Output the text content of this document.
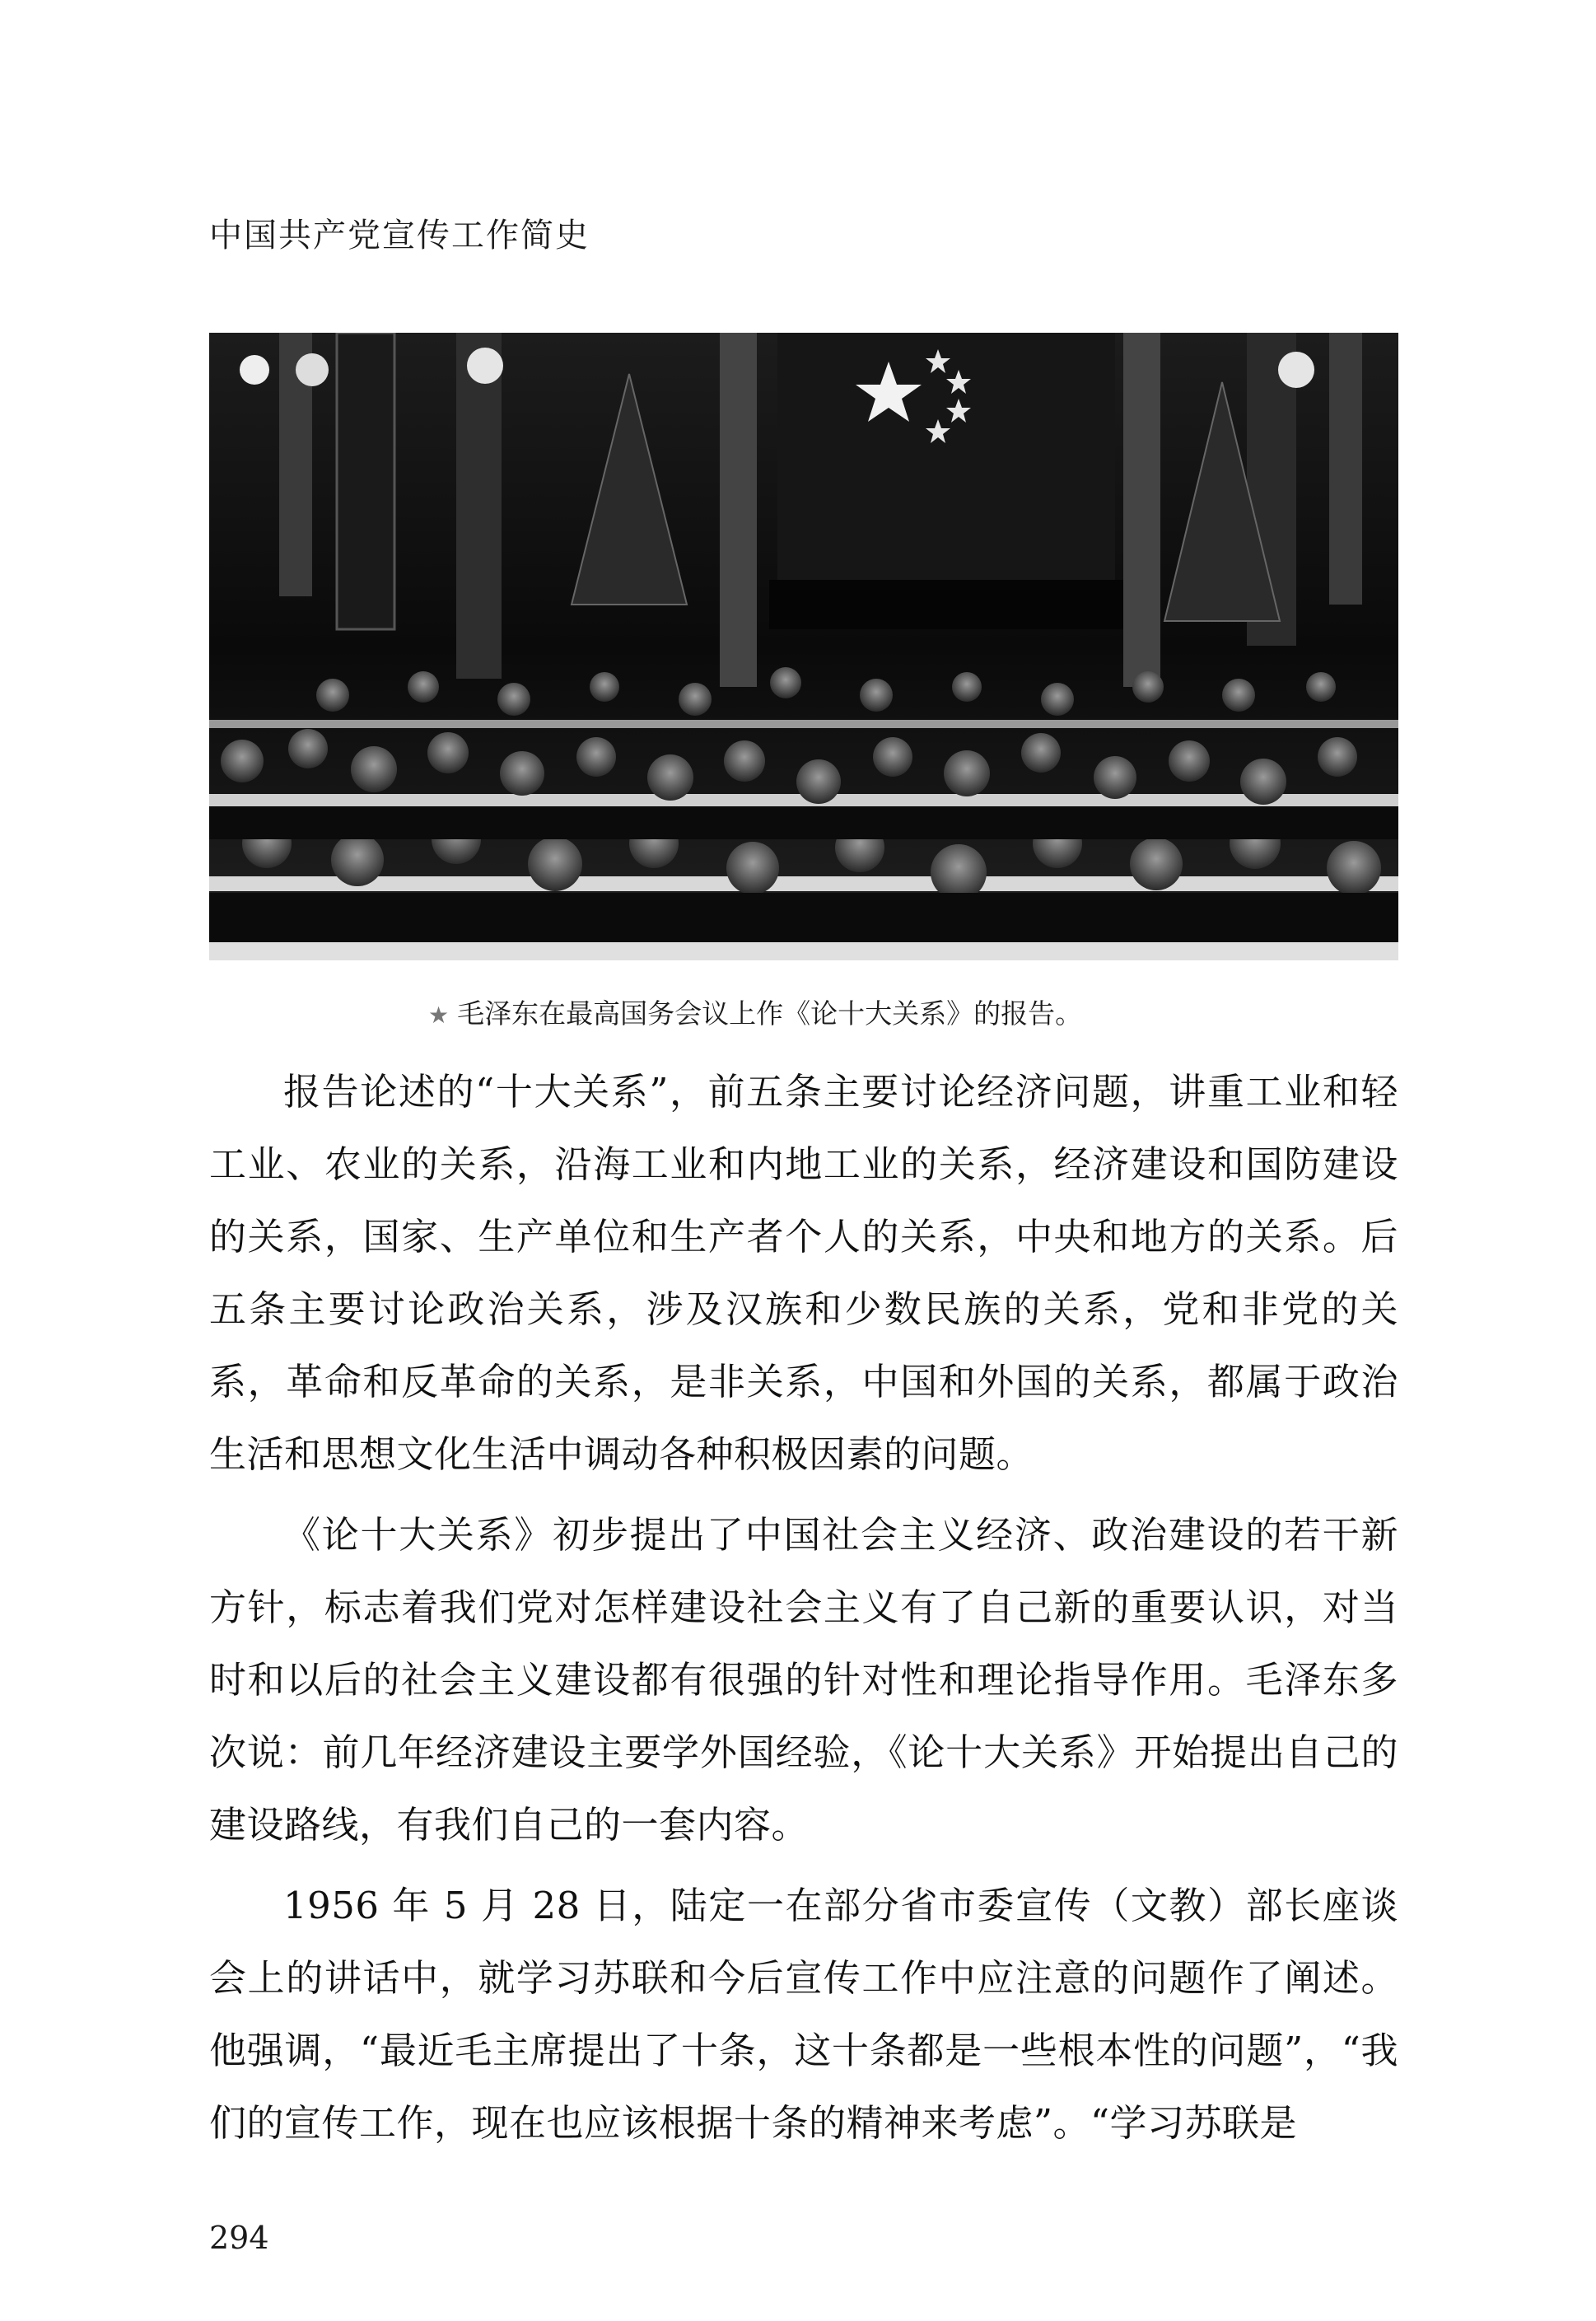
中国共产党宣传工作简史
★ 毛泽东在最高国务会议上作《论十大关系》的报告。

报告论述的“十大关系”，前五条主要讨论经济问题，讲重工业和轻工业、农业的关系，沿海工业和内地工业的关系，经济建设和国防建设的关系，国家、生产单位和生产者个人的关系，中央和地方的关系。后五条主要讨论政治关系，涉及汉族和少数民族的关系，党和非党的关系，革命和反革命的关系，是非关系，中国和外国的关系，都属于政治生活和思想文化生活中调动各种积极因素的问题。

《论十大关系》初步提出了中国社会主义经济、政治建设的若干新方针，标志着我们党对怎样建设社会主义有了自己新的重要认识，对当时和以后的社会主义建设都有很强的针对性和理论指导作用。毛泽东多次说：前几年经济建设主要学外国经验，《论十大关系》开始提出自己的建设路线，有我们自己的一套内容。

1956 年 5 月 28 日，陆定一在部分省市委宣传（文教）部长座谈会上的讲话中，就学习苏联和今后宣传工作中应注意的问题作了阐述。他强调，“最近毛主席提出了十条，这十条都是一些根本性的问题”，“我们的宣传工作，现在也应该根据十条的精神来考虑”。“学习苏联是

294
